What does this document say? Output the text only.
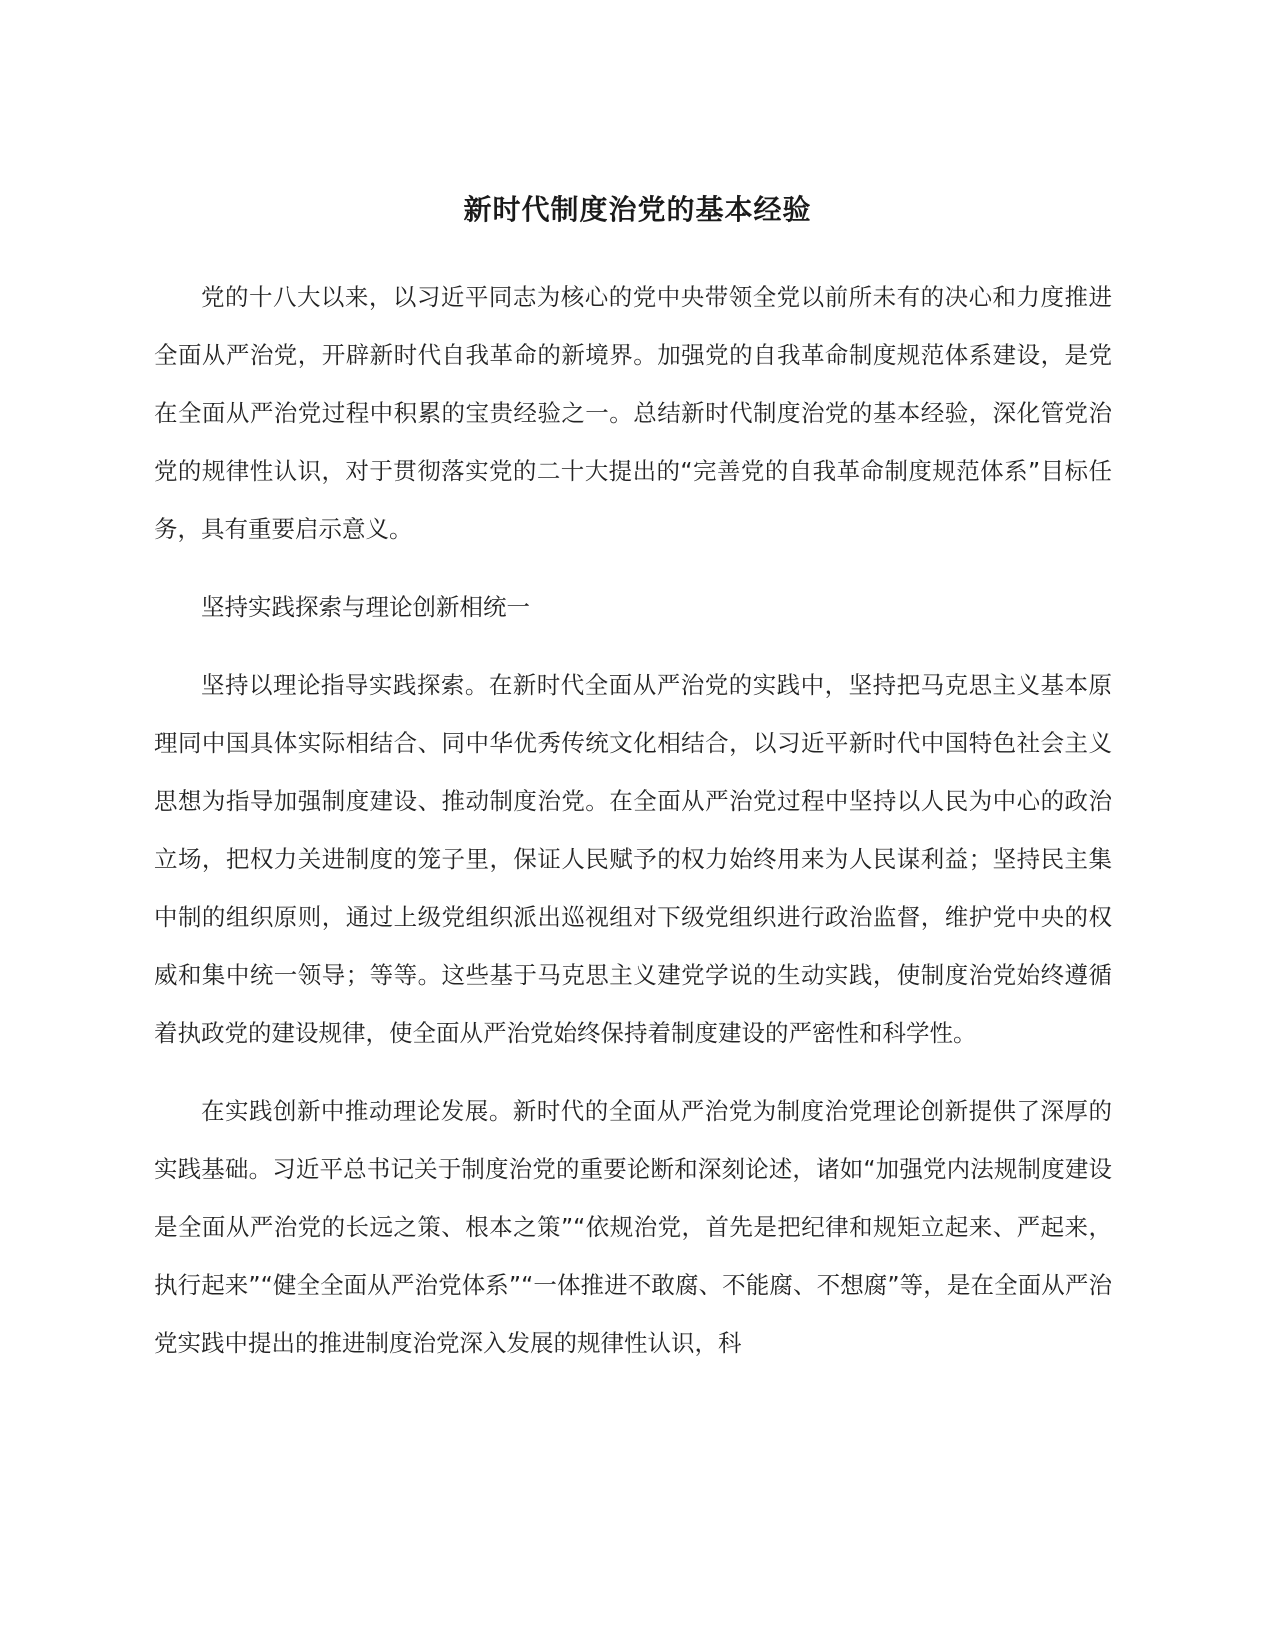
新时代制度治党的基本经验

党的十八大以来，以习近平同志为核心的党中央带领全党以前所未有的决心和力度推进全面从严治党，开辟新时代自我革命的新境界。加强党的自我革命制度规范体系建设，是党在全面从严治党过程中积累的宝贵经验之一。总结新时代制度治党的基本经验，深化管党治党的规律性认识，对于贯彻落实党的二十大提出的“完善党的自我革命制度规范体系”目标任务，具有重要启示意义。

坚持实践探索与理论创新相统一

坚持以理论指导实践探索。在新时代全面从严治党的实践中，坚持把马克思主义基本原理同中国具体实际相结合、同中华优秀传统文化相结合，以习近平新时代中国特色社会主义思想为指导加强制度建设、推动制度治党。在全面从严治党过程中坚持以人民为中心的政治立场，把权力关进制度的笼子里，保证人民赋予的权力始终用来为人民谋利益；坚持民主集中制的组织原则，通过上级党组织派出巡视组对下级党组织进行政治监督，维护党中央的权威和集中统一领导；等等。这些基于马克思主义建党学说的生动实践，使制度治党始终遵循着执政党的建设规律，使全面从严治党始终保持着制度建设的严密性和科学性。

在实践创新中推动理论发展。新时代的全面从严治党为制度治党理论创新提供了深厚的实践基础。习近平总书记关于制度治党的重要论断和深刻论述，诸如“加强党内法规制度建设是全面从严治党的长远之策、根本之策”“依规治党，首先是把纪律和规矩立起来、严起来，执行起来”“健全全面从严治党体系”“一体推进不敢腐、不能腐、不想腐”等，是在全面从严治党实践中提出的推进制度治党深入发展的规律性认识，科
